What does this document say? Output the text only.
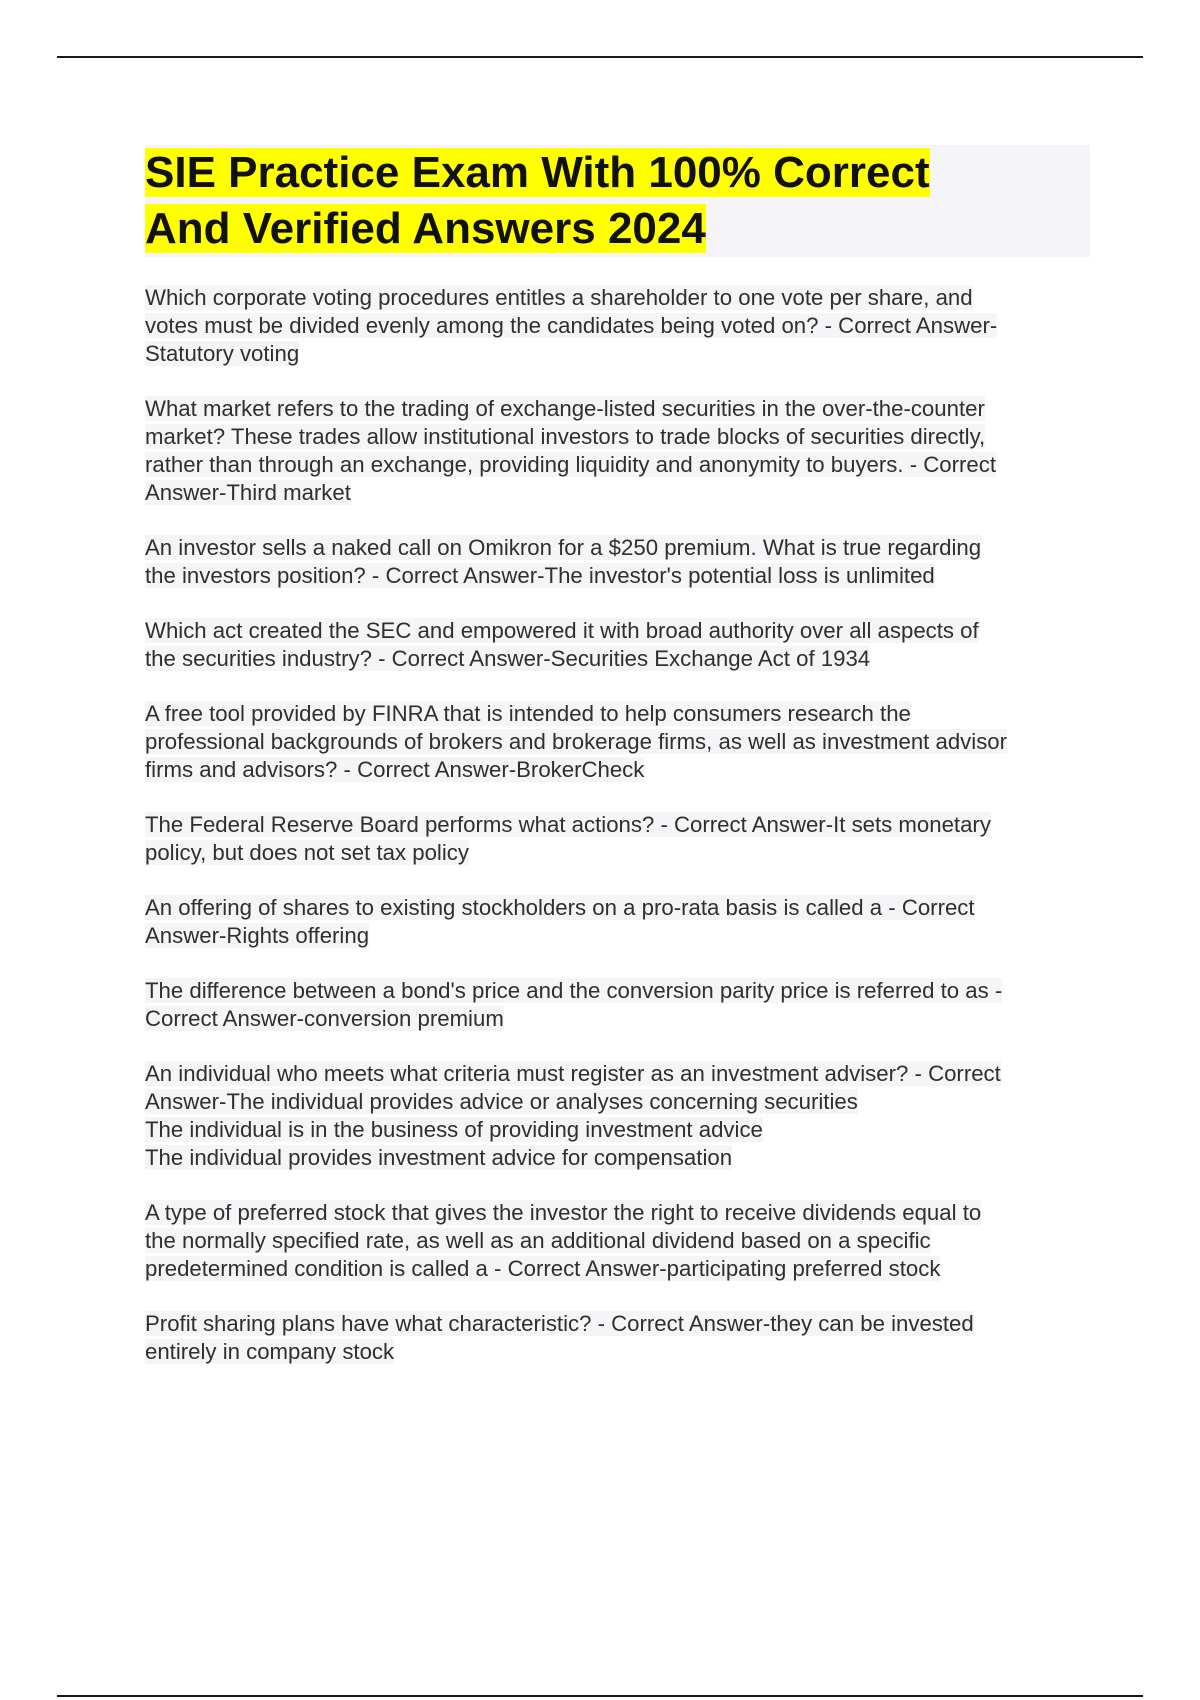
SIE Practice Exam With 100% Correct
And Verified Answers 2024

Which corporate voting procedures entitles a shareholder to one vote per share, and
votes must be divided evenly among the candidates being voted on? - Correct Answer-
Statutory voting

What market refers to the trading of exchange-listed securities in the over-the-counter
market? These trades allow institutional investors to trade blocks of securities directly,
rather than through an exchange, providing liquidity and anonymity to buyers. - Correct
Answer-Third market

An investor sells a naked call on Omikron for a $250 premium. What is true regarding
the investors position? - Correct Answer-The investor's potential loss is unlimited

Which act created the SEC and empowered it with broad authority over all aspects of
the securities industry? - Correct Answer-Securities Exchange Act of 1934

A free tool provided by FINRA that is intended to help consumers research the
professional backgrounds of brokers and brokerage firms, as well as investment advisor
firms and advisors? - Correct Answer-BrokerCheck

The Federal Reserve Board performs what actions? - Correct Answer-It sets monetary
policy, but does not set tax policy

An offering of shares to existing stockholders on a pro-rata basis is called a - Correct
Answer-Rights offering

The difference between a bond's price and the conversion parity price is referred to as -
Correct Answer-conversion premium

An individual who meets what criteria must register as an investment adviser? - Correct
Answer-The individual provides advice or analyses concerning securities
The individual is in the business of providing investment advice
The individual provides investment advice for compensation

A type of preferred stock that gives the investor the right to receive dividends equal to
the normally specified rate, as well as an additional dividend based on a specific
predetermined condition is called a - Correct Answer-participating preferred stock

Profit sharing plans have what characteristic? - Correct Answer-they can be invested
entirely in company stock
